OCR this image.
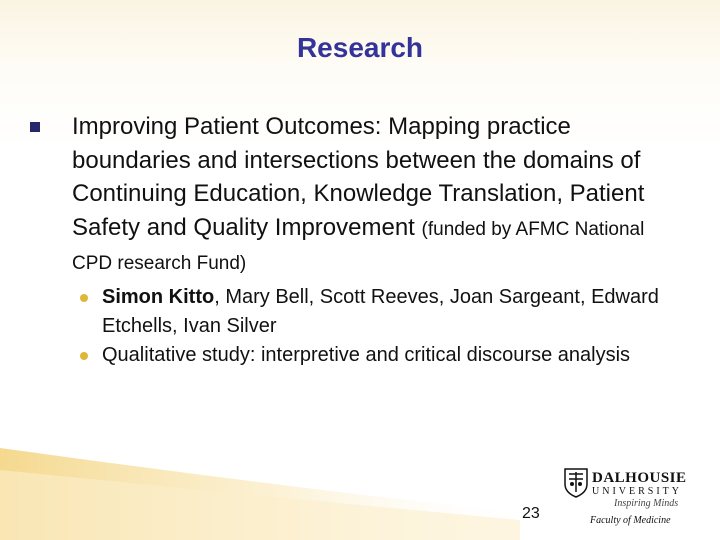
Research
Improving Patient Outcomes: Mapping practice boundaries and intersections between the domains of Continuing Education, Knowledge Translation, Patient Safety and Quality Improvement (funded by AFMC National CPD research Fund)
Simon Kitto, Mary Bell, Scott Reeves, Joan Sargeant, Edward Etchells, Ivan Silver
Qualitative study: interpretive and critical discourse analysis
23
DALHOUSIE
UNIVERSITY
Inspiring Minds
Faculty of Medicine
